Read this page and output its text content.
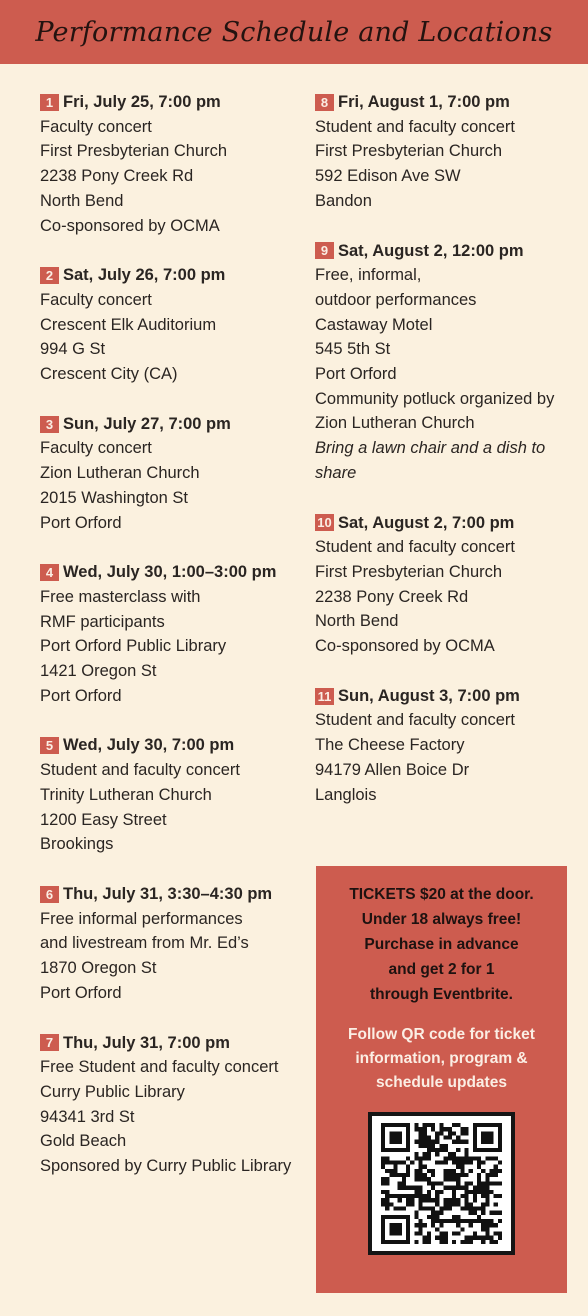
Performance Schedule and Locations
1 Fri, July 25, 7:00 pm
Faculty concert
First Presbyterian Church
2238 Pony Creek Rd
North Bend
Co-sponsored by OCMA
2 Sat, July 26, 7:00 pm
Faculty concert
Crescent Elk Auditorium
994 G St
Crescent City (CA)
3 Sun, July 27, 7:00 pm
Faculty concert
Zion Lutheran Church
2015 Washington St
Port Orford
4 Wed, July 30, 1:00–3:00 pm
Free masterclass with
RMF participants
Port Orford Public Library
1421 Oregon St
Port Orford
5 Wed, July 30, 7:00 pm
Student and faculty concert
Trinity Lutheran Church
1200 Easy Street
Brookings
6 Thu, July 31, 3:30–4:30 pm
Free informal performances
and livestream from Mr. Ed’s
1870 Oregon St
Port Orford
7 Thu, July 31, 7:00 pm
Free Student and faculty concert
Curry Public Library
94341 3rd St
Gold Beach
Sponsored by Curry Public Library
8 Fri, August 1, 7:00 pm
Student and faculty concert
First Presbyterian Church
592 Edison Ave SW
Bandon
9 Sat, August 2, 12:00 pm
Free, informal,
outdoor performances
Castaway Motel
545 5th St
Port Orford
Community potluck organized by
Zion Lutheran Church
Bring a lawn chair and a dish to share
10 Sat, August 2, 7:00 pm
Student and faculty concert
First Presbyterian Church
2238 Pony Creek Rd
North Bend
Co-sponsored by OCMA
11 Sun, August 3, 7:00 pm
Student and faculty concert
The Cheese Factory
94179 Allen Boice Dr
Langlois
TICKETS $20 at the door.
Under 18 always free!
Purchase in advance
and get 2 for 1
through Eventbrite.
Follow QR code for ticket
information, program &
schedule updates
